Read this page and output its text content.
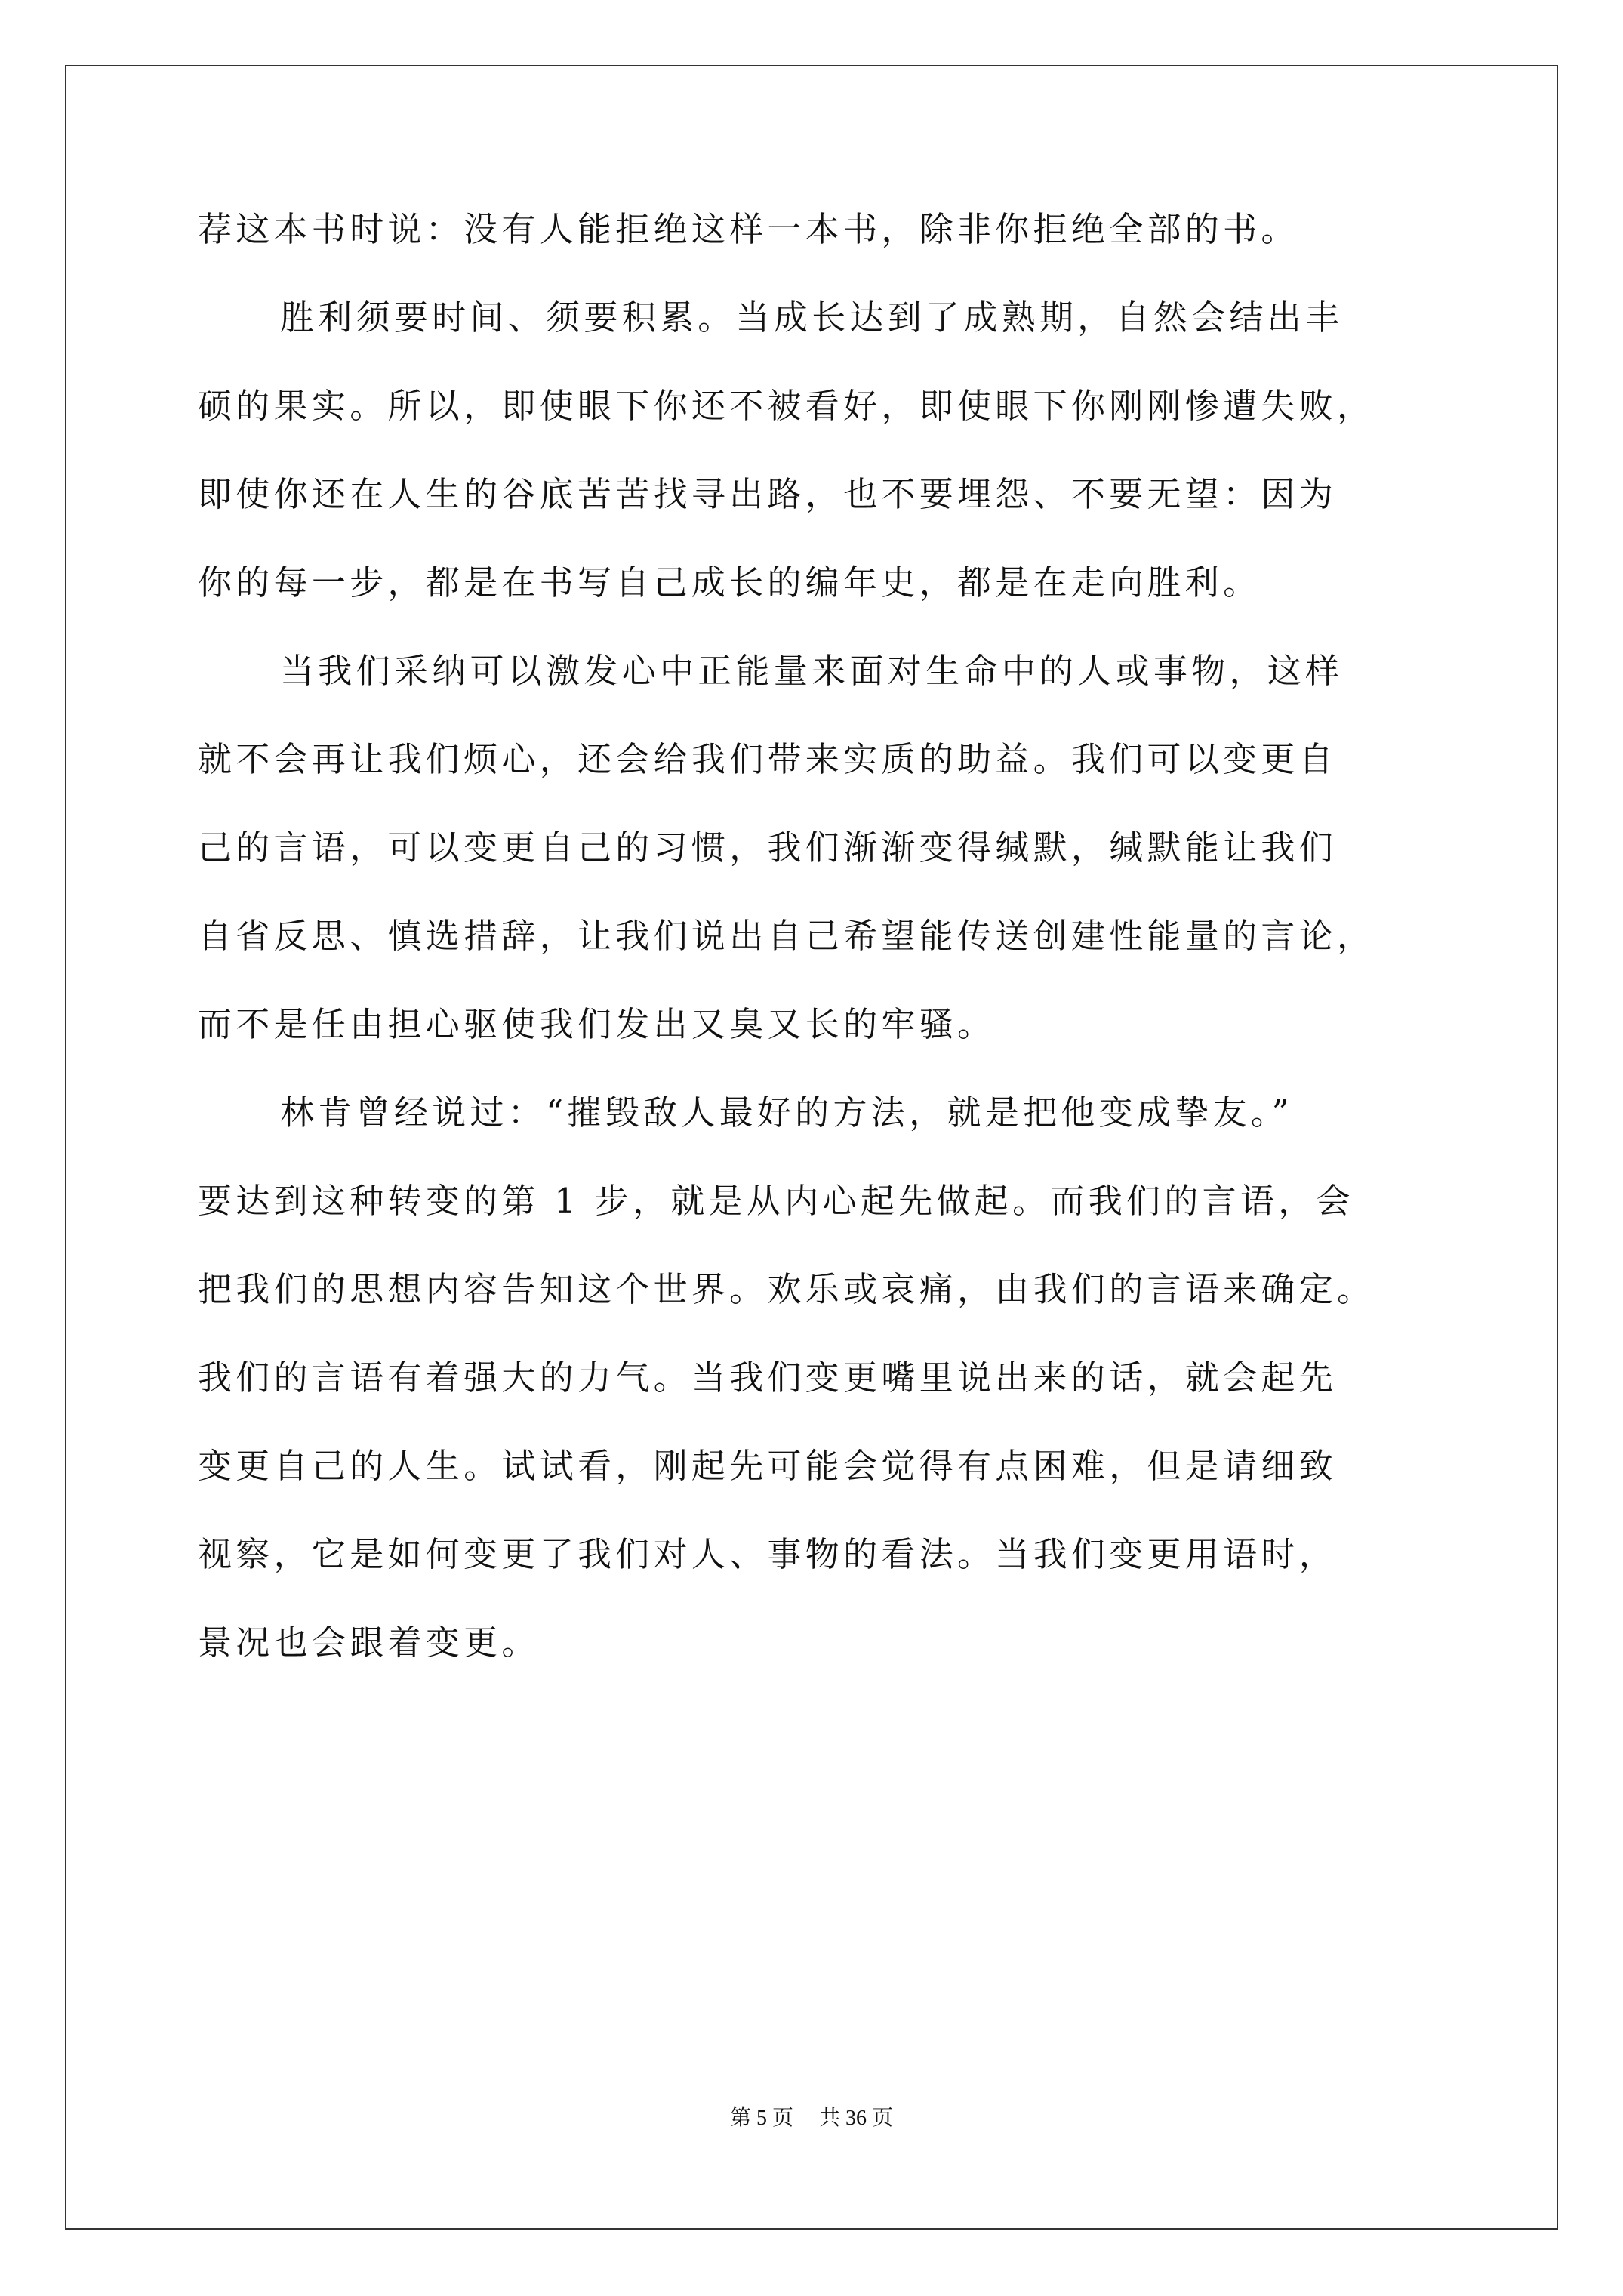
荐这本书时说：没有人能拒绝这样一本书，除非你拒绝全部的书。
胜利须要时间、须要积累。当成长达到了成熟期，自然会结出丰
硕的果实。所以，即使眼下你还不被看好，即使眼下你刚刚惨遭失败，
即使你还在人生的谷底苦苦找寻出路，也不要埋怨、不要无望：因为
你的每一步，都是在书写自己成长的编年史，都是在走向胜利。
当我们采纳可以激发心中正能量来面对生命中的人或事物，这样
就不会再让我们烦心，还会给我们带来实质的助益。我们可以变更自
己的言语，可以变更自己的习惯，我们渐渐变得缄默，缄默能让我们
自省反思、慎选措辞，让我们说出自己希望能传送创建性能量的言论，
而不是任由担心驱使我们发出又臭又长的牢骚。
林肯曾经说过：“摧毁敌人最好的方法，就是把他变成挚友。”
要达到这种转变的第 1 步，就是从内心起先做起。而我们的言语，会
把我们的思想内容告知这个世界。欢乐或哀痛，由我们的言语来确定。
我们的言语有着强大的力气。当我们变更嘴里说出来的话，就会起先
变更自己的人生。试试看，刚起先可能会觉得有点困难，但是请细致
视察，它是如何变更了我们对人、事物的看法。当我们变更用语时，
景况也会跟着变更。
第 5 页 共 36 页
